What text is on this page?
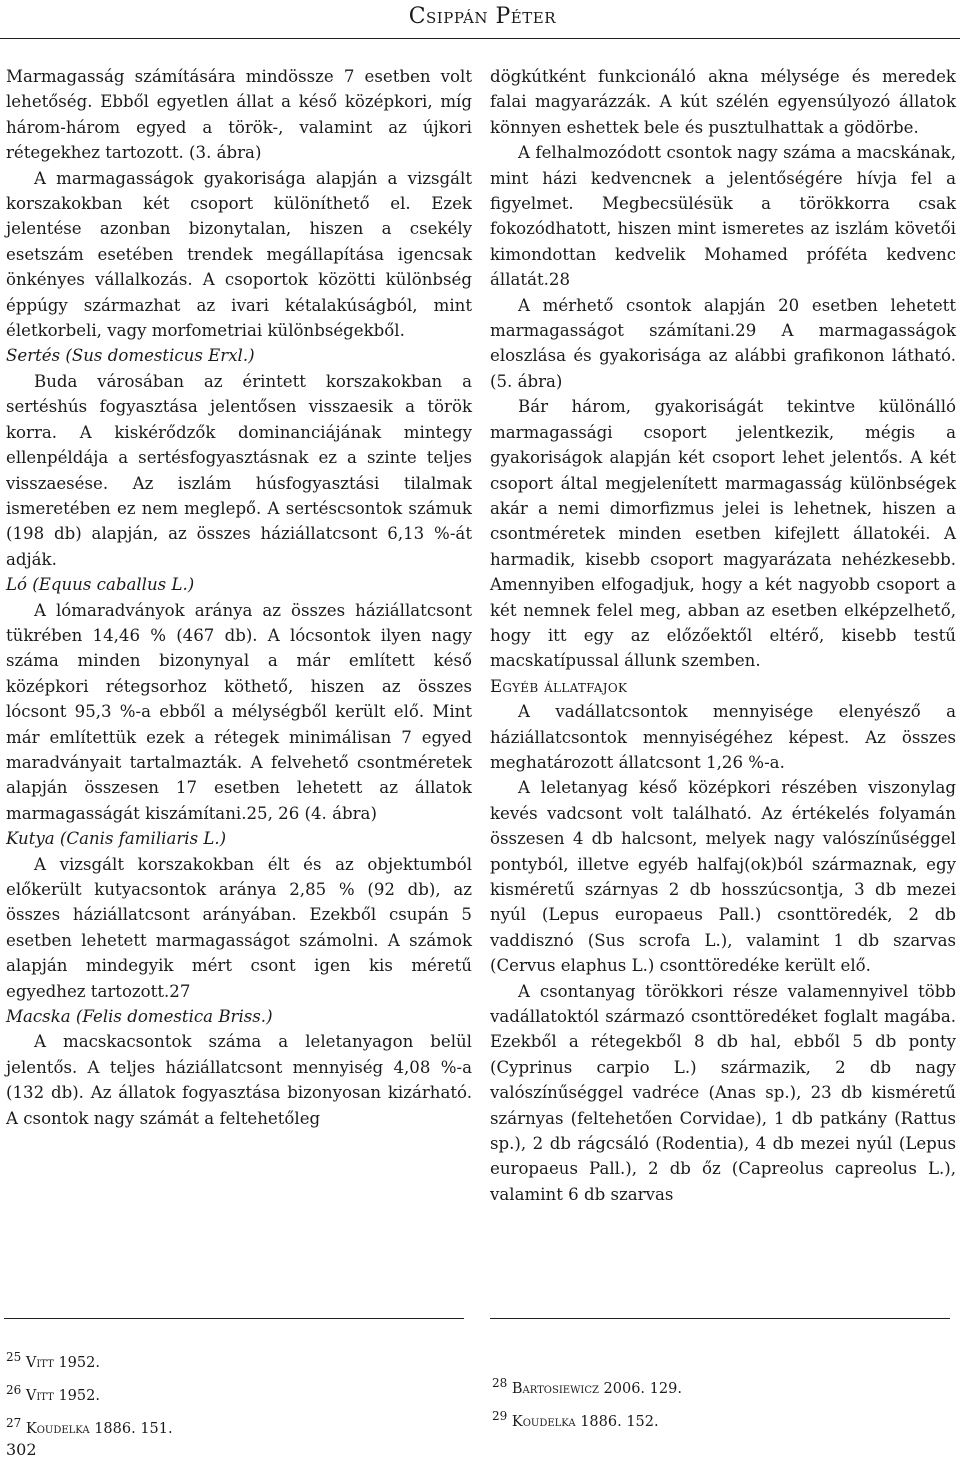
Csippán Péter

Marmagasság számítására mindössze 7 esetben volt lehetőség. Ebből egyetlen állat a késő középkori, míg három-három egyed a török-, valamint az újkori rétegekhez tartozott. (3. ábra)

A marmagasságok gyakorisága alapján a vizsgált korszakokban két csoport különíthető el. Ezek jelentése azonban bizonytalan, hiszen a csekély esetszám esetében trendek megállapítása igencsak önkényes vállalkozás. A csoportok közötti különbség éppúgy származhat az ivari kétalakúságból, mint életkorbeli, vagy morfometriai különbségekből.

Sertés (Sus domesticus Erxl.)

Buda városában az érintett korszakokban a sertéshús fogyasztása jelentősen visszaesik a török korra. A kiskérődzők dominanciájának mintegy ellenpéldája a sertésfogyasztásnak ez a szinte teljes visszaesése. Az iszlám húsfogyasztási tilalmak ismeretében ez nem meglepő. A sertéscsontok számuk (198 db) alapján, az összes háziállatcsont 6,13 %-át adják.

Ló (Equus caballus L.)

A lómaradványok aránya az összes háziállatcsont tükrében 14,46 % (467 db). A lócsontok ilyen nagy száma minden bizonynyal a már említett késő középkori rétegsorhoz köthető, hiszen az összes lócsont 95,3 %-a ebből a mélységből került elő. Mint már említettük ezek a rétegek minimálisan 7 egyed maradványait tartalmazták. A felvehető csontméretek alapján összesen 17 esetben lehetett az állatok marmagasságát kiszámítani.25, 26 (4. ábra)

Kutya (Canis familiaris L.)

A vizsgált korszakokban élt és az objektumból előkerült kutyacsontok aránya 2,85 % (92 db), az összes háziállatcsont arányában. Ezekből csupán 5 esetben lehetett marmagasságot számolni. A számok alapján mindegyik mért csont igen kis méretű egyedhez tartozott.27

Macska (Felis domestica Briss.)

A macskacsontok száma a leletanyagon belül jelentős. A teljes háziállatcsont mennyiség 4,08 %-a (132 db). Az állatok fogyasztása bizonyosan kizárható. A csontok nagy számát a feltehetőleg

dögkútként funkcionáló akna mélysége és meredek falai magyarázzák. A kút szélén egyensúlyozó állatok könnyen eshettek bele és pusztulhattak a gödörbe.

A felhalmozódott csontok nagy száma a macskának, mint házi kedvencnek a jelentőségére hívja fel a figyelmet. Megbecsülésük a törökkorra csak fokozódhatott, hiszen mint ismeretes az iszlám követői kimondottan kedvelik Mohamed próféta kedvenc állatát.28

A mérhető csontok alapján 20 esetben lehetett marmagasságot számítani.29 A marmagasságok eloszlása és gyakorisága az alábbi grafikonon látható. (5. ábra)

Bár három, gyakoriságát tekintve különálló marmagassági csoport jelentkezik, mégis a gyakoriságok alapján két csoport lehet jelentős. A két csoport által megjelenített marmagasság különbségek akár a nemi dimorfizmus jelei is lehetnek, hiszen a csontméretek minden esetben kifejlett állatokéi. A harmadik, kisebb csoport magyarázata nehézkesebb. Amennyiben elfogadjuk, hogy a két nagyobb csoport a két nemnek felel meg, abban az esetben elképzelhető, hogy itt egy az előzőektől eltérő, kisebb testű macskatípussal állunk szemben.

Egyéb állatfajok

A vadállatcsontok mennyisége elenyésző a háziállatcsontok mennyiségéhez képest. Az összes meghatározott állatcsont 1,26 %-a.

A leletanyag késő középkori részében viszonylag kevés vadcsont volt található. Az értékelés folyamán összesen 4 db halcsont, melyek nagy valószínűséggel pontyból, illetve egyéb halfaj(ok)ból származnak, egy kisméretű szárnyas 2 db hosszúcsontja, 3 db mezei nyúl (Lepus europaeus Pall.) csonttöredék, 2 db vaddisznó (Sus scrofa L.), valamint 1 db szarvas (Cervus elaphus L.) csonttöredéke került elő.

A csontanyag törökkori része valamennyivel több vadállatoktól származó csonttöredéket foglalt magába. Ezekből a rétegekből 8 db hal, ebből 5 db ponty (Cyprinus carpio L.) származik, 2 db nagy valószínűséggel vadréce (Anas sp.), 23 db kisméretű szárnyas (feltehetően Corvidae), 1 db patkány (Rattus sp.), 2 db rágcsáló (Rodentia), 4 db mezei nyúl (Lepus europaeus Pall.), 2 db őz (Capreolus capreolus L.), valamint 6 db szarvas

$^{25}$ Vitt 1952.
$^{26}$ Vitt 1952.
$^{27}$ Koudelka 1886. 151.
$^{28}$ Bartosiewicz 2006. 129.
$^{29}$ Koudelka 1886. 152.
302
